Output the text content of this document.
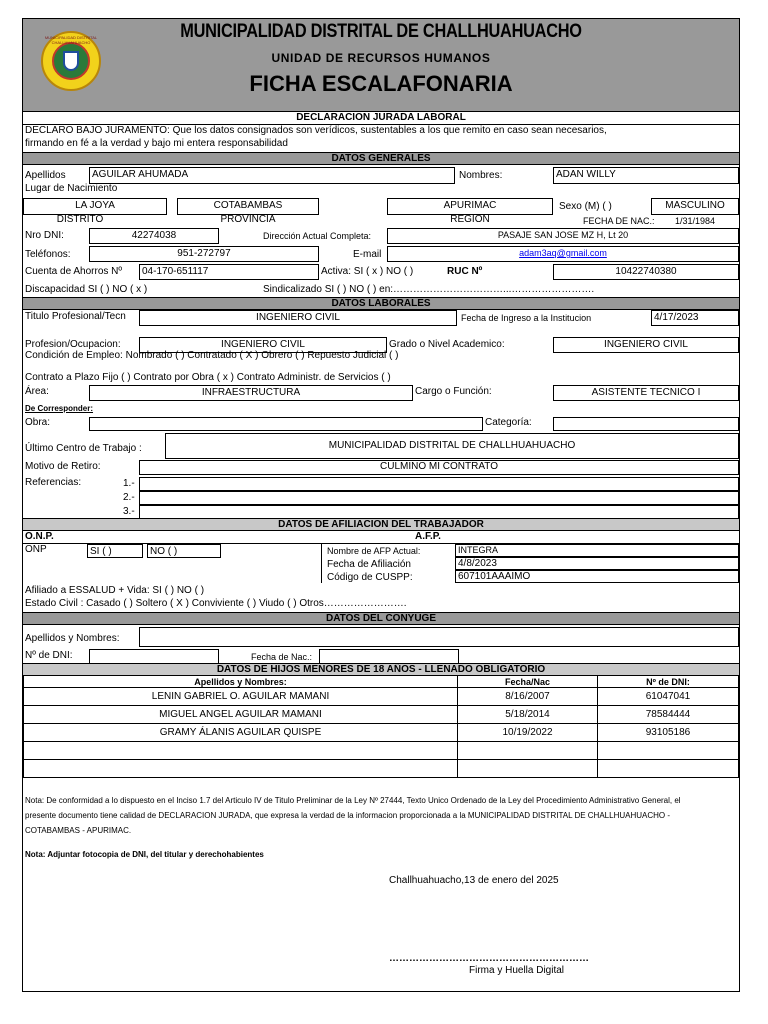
MUNICIPALIDAD DISTRITAL CHALLHUAHUACHO
MUNICIPALIDAD DISTRITAL DE CHALLHUAHUACHO
UNIDAD DE RECURSOS HUMANOS
FICHA ESCALAFONARIA
DECLARACION JURADA LABORAL
DECLARO BAJO JURAMENTO: Que los datos consignados son verídicos, sustentables a los que remito en caso sean necesarios,
firmando en fé a la verdad y bajo mi entera responsabilidad
DATOS GENERALES
Apellidos	AGUILAR AHUMADA	Nombres:	ADAN WILLY
Lugar de Nacimiento
LA JOYA
DISTRITO
COTABAMBAS
PROVINCIA
APURIMAC
REGION
Sexo (M) ( )	MASCULINO
FECHA DE NAC.: 1/31/1984
Nro DNI:	42274038	Dirección Actual Completa:	PASAJE SAN JOSE MZ H, Lt 20
Teléfonos:	951-272797	E-mail	adam3aq@gmail.com
Cuenta de Ahorros Nº	04-170-651117	Activa: SI ( x ) NO ( )	RUC Nº	10422740380
Discapacidad SI ( ) NO ( x )	Sindicalizado SI ( ) NO ( ) en:……………………………...…………………….
DATOS LABORALES
Titulo Profesional/Tecn	INGENIERO CIVIL	Fecha de Ingreso a la Institucion	4/17/2023
Profesion/Ocupacion:	INGENIERO CIVIL	Grado o Nivel Academico:	INGENIERO CIVIL
Condición de Empleo: Nombrado ( ) Contratado ( X ) Obrero ( ) Repuesto Judicial ( )
Contrato a Plazo Fijo ( ) Contrato por Obra ( x ) Contrato Administr. de Servicios ( )
Área:	INFRAESTRUCTURA	Cargo o Función:	ASISTENTE TECNICO I
De Corresponder:
Obra:	Categoría:
Último Centro de Trabajo :	MUNICIPALIDAD DISTRITAL DE CHALLHUAHUACHO
Motivo de Retiro:	CULMINO MI CONTRATO
Referencias:	1.-
2.-
3.-
DATOS DE AFILIACION DEL TRABAJADOR
O.N.P.	A.F.P.
ONP	SI ( )	NO ( )	Nombre de AFP Actual:	INTEGRA
Fecha de Afiliación	4/8/2023
Código de CUSPP:	607101AAAIMO
Afiliado a ESSALUD + Vida: SI ( ) NO ( )
Estado Civil : Casado ( ) Soltero ( X ) Conviviente ( ) Viudo ( ) Otros…………………….
DATOS DEL CONYUGE
Apellidos y Nombres:
Nº de DNI:	Fecha de Nac.:
DATOS DE HIJOS MENORES DE 18 AÑOS - LLENADO OBLIGATORIO
Apellidos y Nombres:	Fecha/Nac	Nº de DNI:
LENIN GABRIEL O. AGUILAR MAMANI	8/16/2007	61047041
MIGUEL ANGEL AGUILAR MAMANI	5/18/2014	78584444
GRAMY ÁLANIS AGUILAR QUISPE	10/19/2022	93105186

Nota: De conformidad a lo dispuesto en el Inciso 1.7 del Articulo IV de Titulo Preliminar de la Ley Nº 27444, Texto Unico Ordenado de la Ley del Procedimiento Administrativo General, el
presente documento tiene calidad de DECLARACION JURADA, que expresa la verdad de la informacion proporcionada a la MUNICIPALIDAD DISTRITAL DE CHALLHUAHUACHO -
COTABAMBAS - APURIMAC.
Nota: Adjuntar fotocopia de DNI, del titular y derechohabientes
Challhuahuacho,13 de enero del 2025
……………………………………………………
Firma y Huella Digital
